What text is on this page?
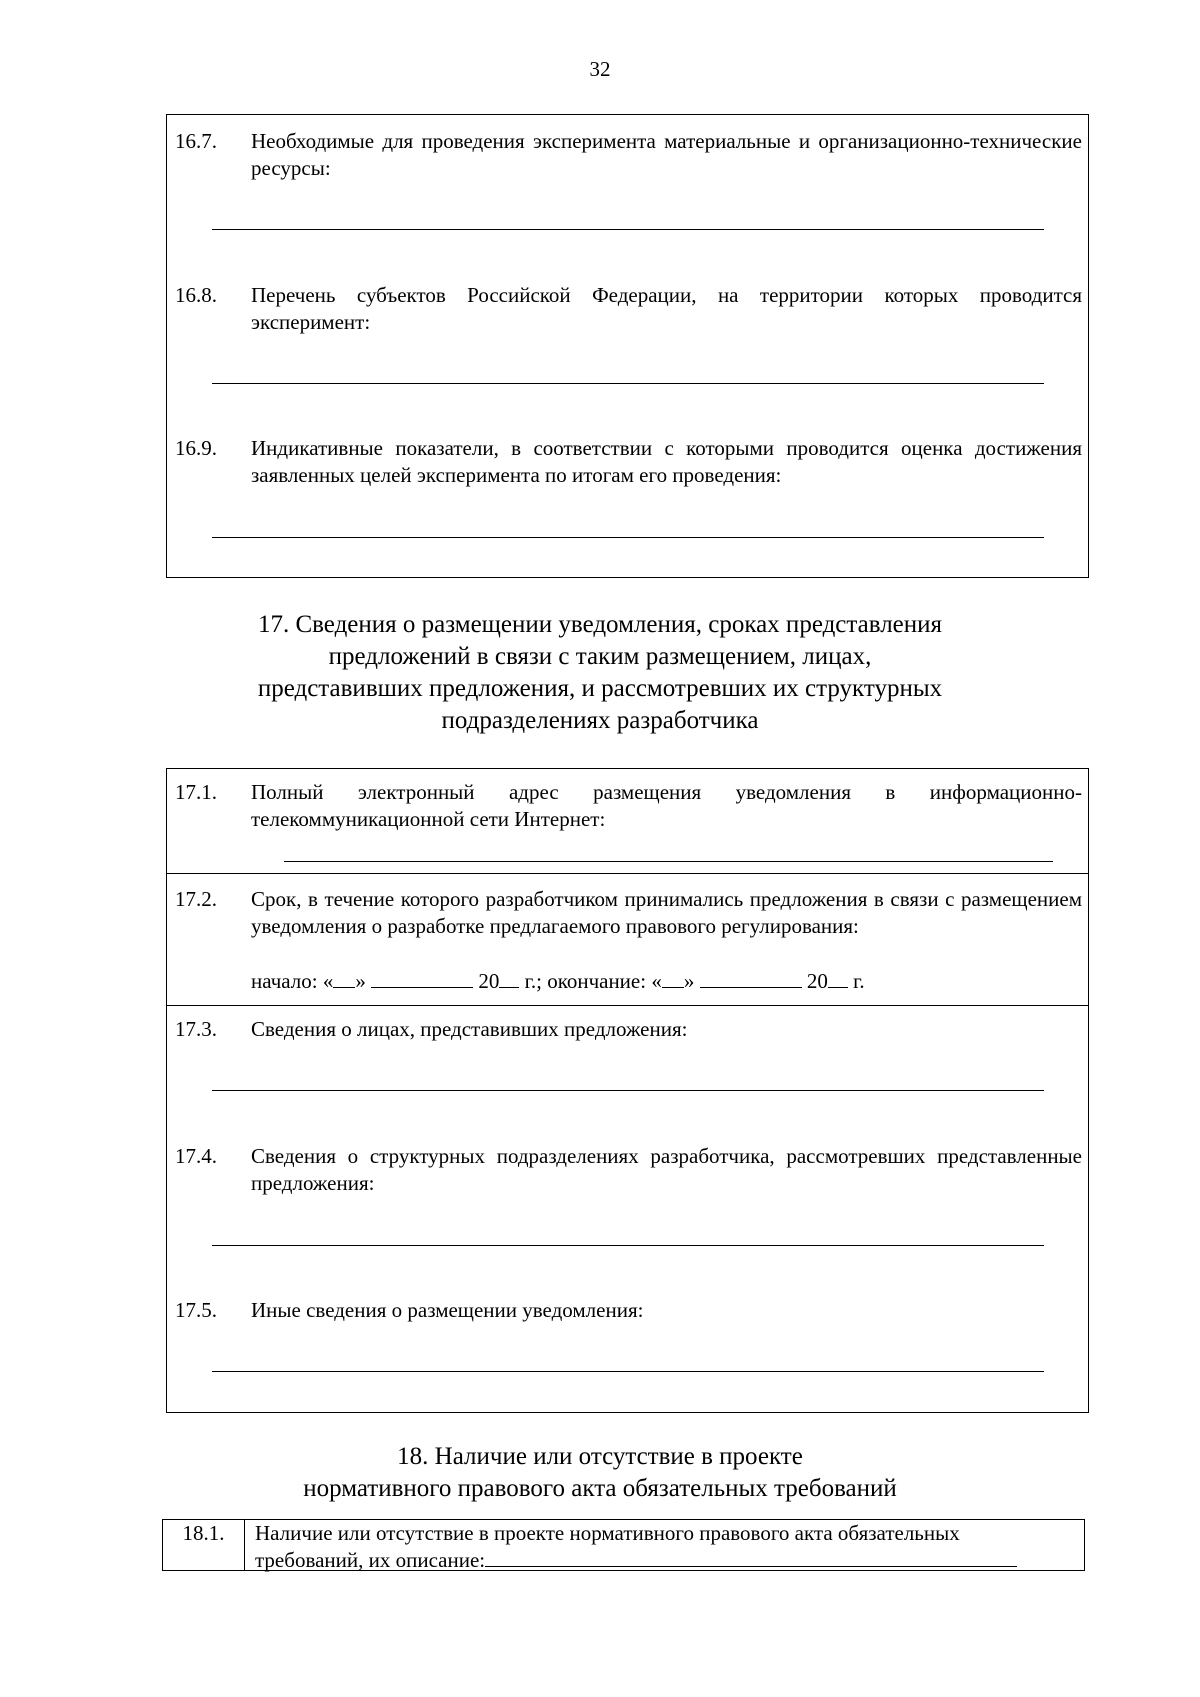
32
16.7. Необходимые для проведения эксперимента материальные и организационно-технические ресурсы:
16.8. Перечень субъектов Российской Федерации, на территории которых проводится эксперимент:
16.9. Индикативные показатели, в соответствии с которыми проводится оценка достижения заявленных целей эксперимента по итогам его проведения:
17. Сведения о размещении уведомления, сроках представления
предложений в связи с таким размещением, лицах,
представивших предложения, и рассмотревших их структурных
подразделениях разработчика
17.1. Полный электронный адрес размещения уведомления в информационно-телекоммуникационной сети Интернет:
17.2. Срок, в течение которого разработчиком принимались предложения в связи с размещением уведомления о разработке предлагаемого правового регулирования:
начало: « »	20 г.; окончание: « »	20 г.
17.3. Сведения о лицах, представивших предложения:
17.4. Сведения о структурных подразделениях разработчика, рассмотревших представленные предложения:
17.5. Иные сведения о размещении уведомления:
18. Наличие или отсутствие в проекте
нормативного правового акта обязательных требований
18.1.	Наличие или отсутствие в проекте нормативного правового акта обязательных
требований, их описание:
